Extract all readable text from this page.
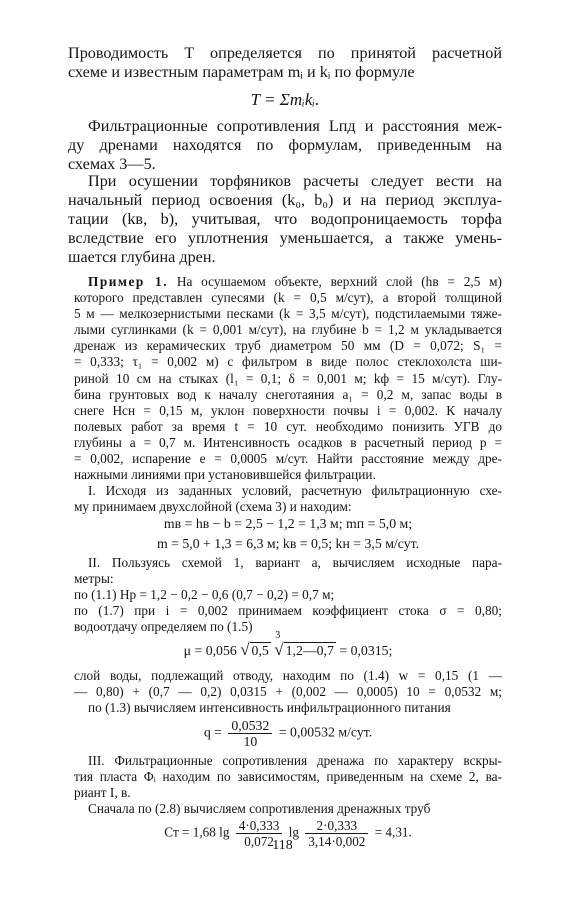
Проводимость T определяется по принятой расчетной
схеме и известным параметрам mᵢ и kᵢ по формуле

T = Σmᵢkᵢ.

Фильтрационные сопротивления Lпд и расстояния меж-
ду дренами находятся по формулам, приведенным на
схемах 3—5.

При осушении торфяников расчеты следует вести на
начальный период освоения (k₀, b₀) и на период эксплуа-
тации (kв, b), учитывая, что водопроницаемость торфа
вследствие его уплотнения уменьшается, а также умень-
шается глубина дрен.

Пример 1. На осушаемом объекте, верхний слой (hв = 2,5 м)
которого представлен супесями (k = 0,5 м/сут), а второй толщиной
5 м — мелкозернистыми песками (k = 3,5 м/сут), подстилаемыми тяже-
лыми суглинками (k = 0,001 м/сут), на глубине b = 1,2 м укладывается
дренаж из керамических труб диаметром 50 мм (D = 0,072; S₁ =
= 0,333; τ₁ = 0,002 м) с фильтром в виде полос стеклохолста ши-
риной 10 см на стыках (l₁ = 0,1; δ = 0,001 м; kф = 15 м/сут). Глу-
бина грунтовых вод к началу снеготаяния a₁ = 0,2 м, запас воды в
снеге Hсн = 0,15 м, уклон поверхности почвы i = 0,002. К началу
полевых работ за время t = 10 сут. необходимо понизить УГВ до
глубины a = 0,7 м. Интенсивность осадков в расчетный период p =
= 0,002, испарение e = 0,0005 м/сут. Найти расстояние между дре-
нажными линиями при установившейся фильтрации.
I. Исходя из заданных условий, расчетную фильтрационную схе-
му принимаем двухслойной (схема 3) и находим:
mв = hв − b = 2,5 − 1,2 = 1,3 м; mп = 5,0 м;
m = 5,0 + 1,3 = 6,3 м; kв = 0,5; kн = 3,5 м/сут.
II. Пользуясь схемой 1, вариант a, вычисляем исходные пара-
метры:
по (1.1) Hp = 1,2 − 0,2 − 0,6 (0,7 − 0,2) = 0,7 м;
по (1.7) при i = 0,002 принимаем коэффициент стока σ = 0,80;
водоотдачу определяем по (1.5)
μ = 0,056 √ 0,5
3
√ 1,2—0,7 = 0,0315;
слой воды, подлежащий отводу, находим по (1.4) w = 0,15 (1 —
— 0,80) + (0,7 — 0,2) 0,0315 + (0,002 — 0,0005) 10 = 0,0532 м;
по (1.3) вычисляем интенсивность инфильтрационного питания
$q = \frac{0,0532}{10} = 0,00532$ м/сут.
III. Фильтрационные сопротивления дренажа по характеру вскры-
тия пласта Φᵢ находим по зависимостям, приведенным на схеме 2, ва-
риант I, в.
Сначала по (2.8) вычисляем сопротивления дренажных труб
Cт = 1,68 $\lg \frac{4\cdot 0,333}{0,072}$ $\lg \frac{2\cdot 0,333}{3,14\cdot 0,002} = 4,31$.
118
